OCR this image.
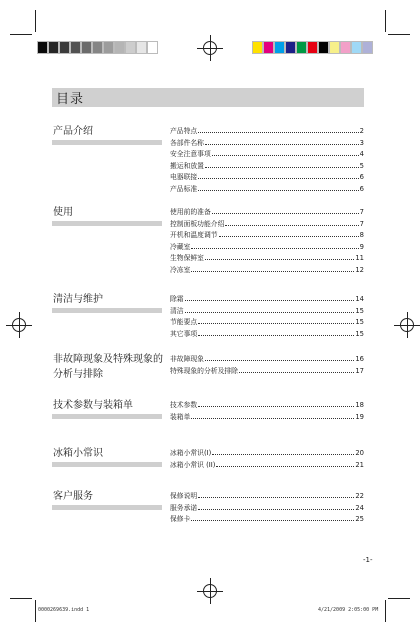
目录
产品介绍	产品特点	2
各部件名称	3
安全注意事项	4
搬运和放置	5
电器联接	6
产品标准	6
使用	使用前的准备	7
控制面板功能介绍	7
开机和温度调节	8
冷藏室	9
生物保鲜室	11
冷冻室	12
清洁与维护	除霜	14
清洁	15
节能要点	15
其它事项	15
非故障现象及特殊现象的
分析与排除
非故障现象	16
特殊现象的分析及排除	17
技术参数与装箱单	技术参数	18
装箱单	19
冰箱小常识	冰箱小常识(I)	20
冰箱小常识 (II)	21
客户服务	保修说明	22
服务承诺	24
保修卡	25
-1-
0000269639.indd 1	4/21/2009 2:05:00 PM
